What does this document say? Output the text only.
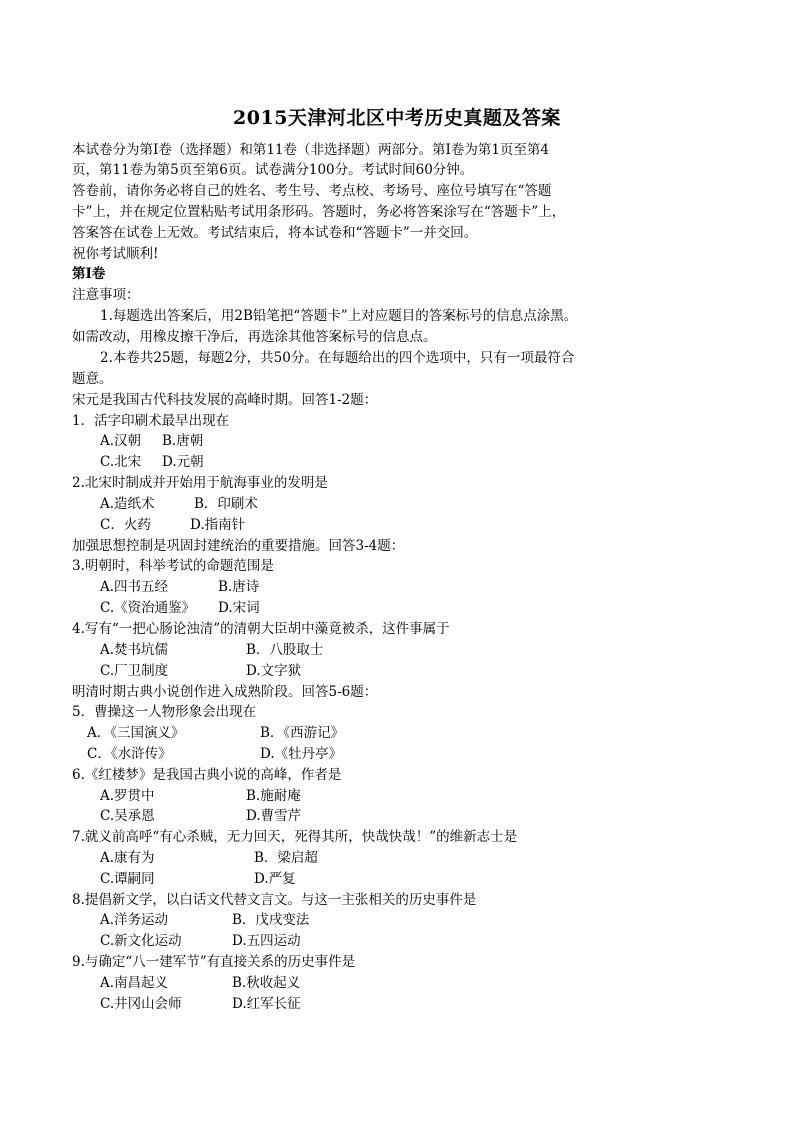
2015天津河北区中考历史真题及答案
本试卷分为第Ⅰ卷（选择题）和第11卷（非选择题）两部分。第Ⅰ卷为第1页至第4
页，第11卷为第5页至第6页。试卷满分100分。考试时间60分钟。
答卷前，请你务必将自己的姓名、考生号、考点校、考场号、座位号填写在“答题
卡”上，并在规定位置粘贴考试用条形码。答题时，务必将答案涂写在“答题卡”上，
答案答在试卷上无效。考试结束后，将本试卷和“答题卡”一并交回。
祝你考试顺利!
第Ⅰ卷
注意事项：
1.每题选出答案后，用2B铅笔把“答题卡”上对应题目的答案标号的信息点涂黑。
如需改动，用橡皮擦干净后，再选涂其他答案标号的信息点。
2.本卷共25题，每题2分，共50分。在每题给出的四个选项中，只有一项最符合
题意。
宋元是我国古代科技发展的高峰时期。回答1-2题：
1．活字印刷术最早出现在
A.汉朝 B.唐朝
C.北宋 D.元朝
2.北宋时制成并开始用于航海事业的发明是
A.造纸术	B．印刷术
C．火药	D.指南针
加强思想控制是巩固封建统治的重要措施。回答3-4题：
3.明朝时，科举考试的命题范围是
A.四书五经	B.唐诗
C.《资治通鉴》 D.宋词
4.写有“一把心肠论浊清”的清朝大臣胡中藻竟被杀，这件事属于
A.焚书坑儒	B．八股取士
C.厂卫制度	D.文字狱
明清时期古典小说创作进入成熟阶段。回答5-6题：
5．曹操这一人物形象会出现在
A．《三国演义》	B．《西游记》
C．《水浒传》	D.《牡丹亭》
6.《红楼梦》是我国古典小说的高峰，作者是
A.罗贯中	B.施耐庵
C.吴承恩	D.曹雪芹
7.就义前高呼“有心杀贼，无力回天，死得其所，快哉快哉！”的维新志士是
A.康有为	B．梁启超
C.谭嗣同	D.严复
8.提倡新文学，以白话文代替文言文。与这一主张相关的历史事件是
A.洋务运动	B．戊戌变法
C.新文化运动	D.五四运动
9.与确定“八一建军节”有直接关系的历史事件是
A.南昌起义	B.秋收起义
C.井冈山会师	D.红军长征
